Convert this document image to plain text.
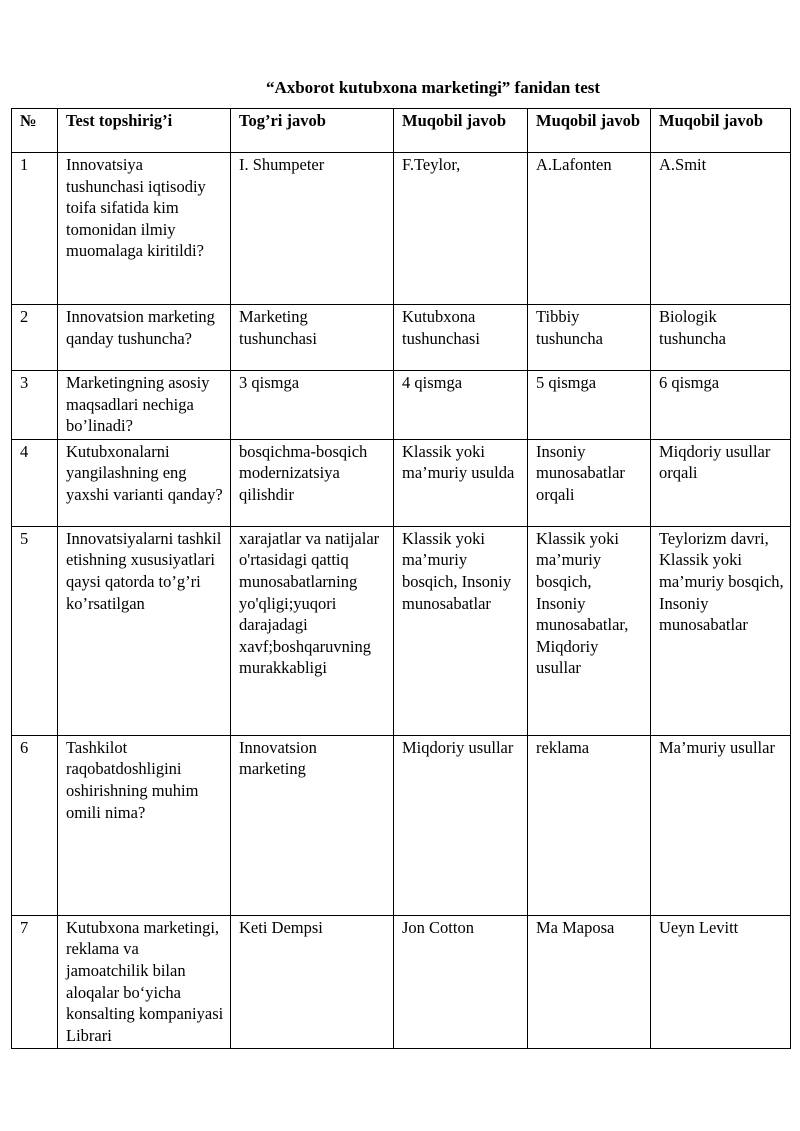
“Axborot kutubxona marketingi” fanidan test
№	Test topshirig’i	Tog’ri javob	Muqobil javob	Muqobil javob	Muqobil javob
1	Innovatsiya tushunchasi iqtisodiy toifa sifatida kim tomonidan ilmiy muomalaga kiritildi?	I. Shumpeter	F.Teylor,	A.Lafonten	A.Smit
2	Innovatsion marketing qanday tushuncha?	Marketing tushunchasi	Kutubxona tushunchasi	Tibbiy tushuncha	Biologik tushuncha
3	Marketingning asosiy maqsadlari nechiga bo’linadi?	3 qismga	4 qismga	5 qismga	6 qismga
4	Kutubxonalarni yangilashning eng yaxshi varianti qanday?	bosqichma-bosqich modernizatsiya qilishdir	Klassik yoki ma’muriy usulda	Insoniy munosabatlar orqali	Miqdoriy usullar orqali
5	Innovatsiyalarni tashkil etishning xususiyatlari qaysi qatorda to’g’ri ko’rsatilgan	xarajatlar va natijalar o'rtasidagi qattiq munosabatlarning yo'qligi;yuqori darajadagi xavf;boshqaruvning murakkabligi	Klassik yoki ma’muriy bosqich, Insoniy munosabatlar	Klassik yoki ma’muriy bosqich, Insoniy munosabatlar, Miqdoriy usullar	Teylorizm davri, Klassik yoki ma’muriy bosqich, Insoniy munosabatlar
6	Tashkilot raqobatdoshligini oshirishning muhim omili nima?	Innovatsion marketing	Miqdoriy usullar	reklama	Ma’muriy usullar
7	Kutubxona marketingi, reklama va jamoatchilik bilan aloqalar bo‘yicha konsalting kompaniyasi Librari	Keti Dempsi	Jon Cotton	Ma Maposa	Ueyn Levitt
